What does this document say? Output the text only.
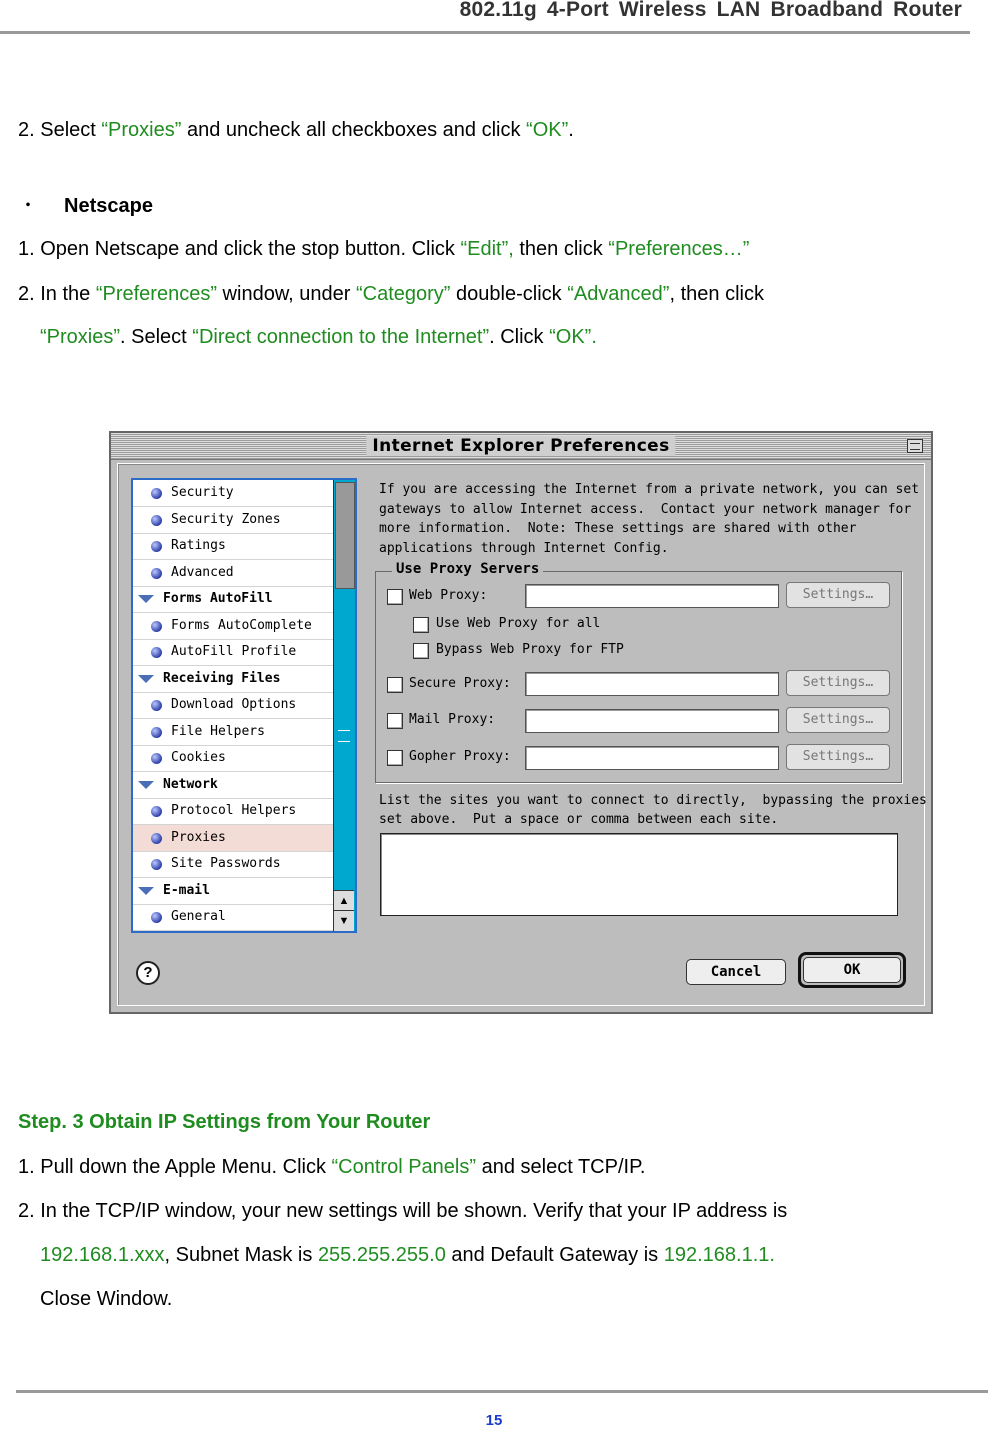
802.11g 4-Port Wireless LAN Broadband Router
2. Select “Proxies” and uncheck all checkboxes and click “OK”.
・ Netscape
1. Open Netscape and click the stop button. Click “Edit”, then click “Preferences…”
2. In the “Preferences” window, under “Category” double-click “Advanced”, then click
“Proxies”. Select “Direct connection to the Internet”. Click “OK”.
Internet Explorer Preferences
Security
Security Zones
Ratings
Advanced
Forms AutoFill
Forms AutoComplete
AutoFill Profile
Receiving Files
Download Options
File Helpers
Cookies
Network
Protocol Helpers
Proxies
Site Passwords
E-mail
General
▲
▼
If you are accessing the Internet from a private network, you can set
gateways to allow Internet access.  Contact your network manager for
more information.  Note: These settings are shared with other
applications through Internet Config.
Use Proxy Servers
Web Proxy:	Settings…
Use Web Proxy for all
Bypass Web Proxy for FTP
Secure Proxy:	Settings…
Mail Proxy:	Settings…
Gopher Proxy:	Settings…
List the sites you want to connect to directly,  bypassing the proxies
set above.  Put a space or comma between each site.
?	Cancel	OK
Step. 3 Obtain IP Settings from Your Router
1. Pull down the Apple Menu. Click “Control Panels” and select TCP/IP.
2. In the TCP/IP window, your new settings will be shown. Verify that your IP address is
192.168.1.xxx, Subnet Mask is 255.255.255.0 and Default Gateway is 192.168.1.1.
Close Window.
15
